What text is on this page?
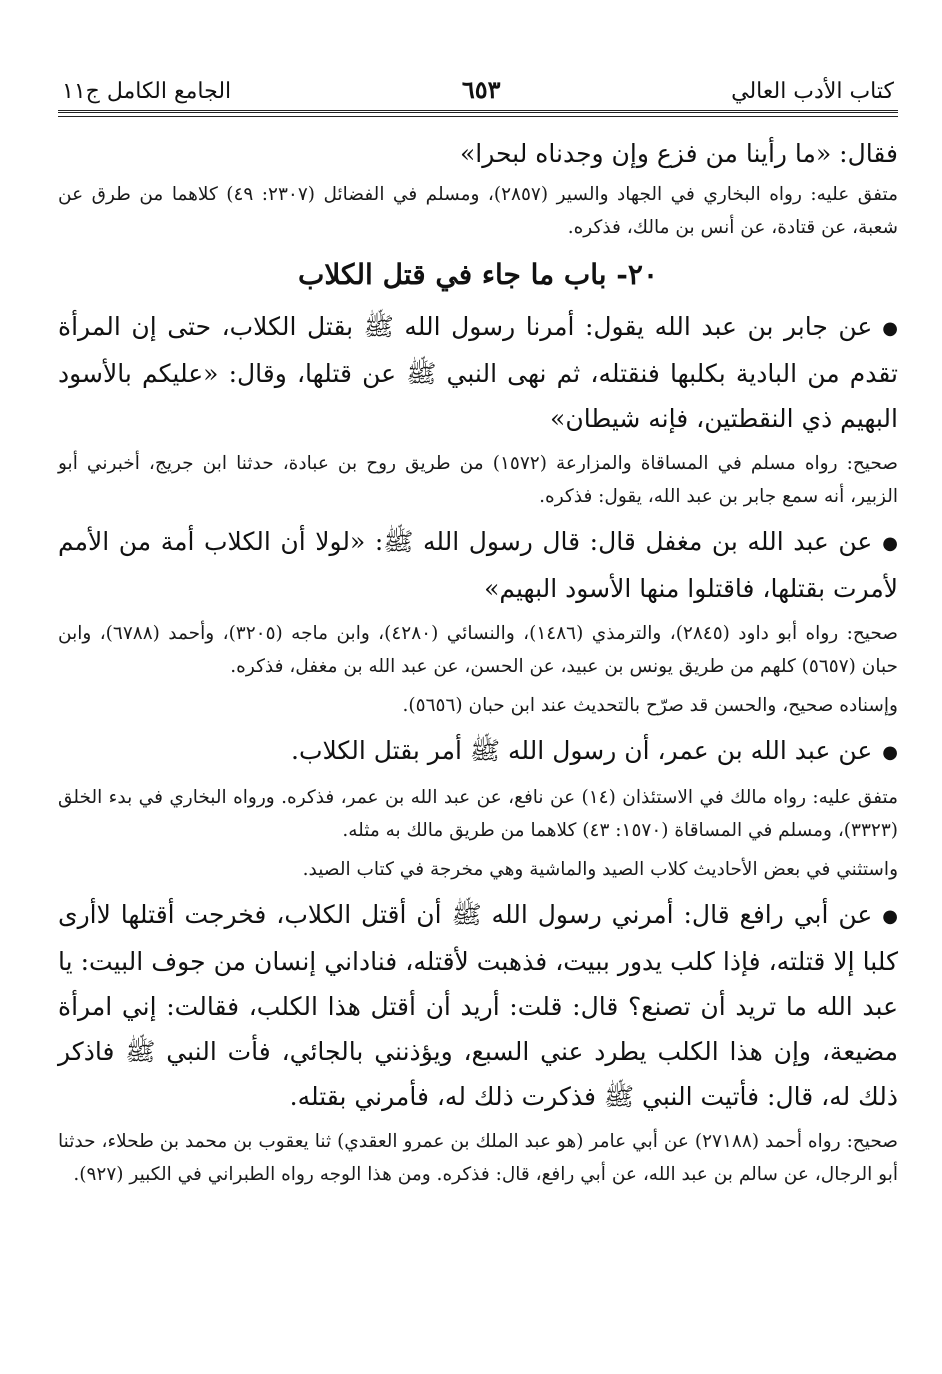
كتاب الأدب العالي
٦٥٣
الجامع الكامل ج١١

فقال: «ما رأينا من فزع وإن وجدناه لبحرا»

متفق عليه: رواه البخاري في الجهاد والسير (٢٨٥٧)، ومسلم في الفضائل (٢٣٠٧: ٤٩) كلاهما من طرق عن شعبة، عن قتادة، عن أنس بن مالك، فذكره.

٢٠- باب ما جاء في قتل الكلاب

●عن جابر بن عبد الله يقول: أمرنا رسول الله ﷺ بقتل الكلاب، حتى إن المرأة تقدم من البادية بكلبها فنقتله، ثم نهى النبي ﷺ عن قتلها، وقال: «عليكم بالأسود البهيم ذي النقطتين، فإنه شيطان»

صحيح: رواه مسلم في المساقاة والمزارعة (١٥٧٢) من طريق روح بن عبادة، حدثنا ابن جريج، أخبرني أبو الزبير، أنه سمع جابر بن عبد الله، يقول: فذكره.

●عن عبد الله بن مغفل قال: قال رسول الله ﷺ: «لولا أن الكلاب أمة من الأمم لأمرت بقتلها، فاقتلوا منها الأسود البهيم»

صحيح: رواه أبو داود (٢٨٤٥)، والترمذي (١٤٨٦)، والنسائي (٤٢٨٠)، وابن ماجه (٣٢٠٥)، وأحمد (٦٧٨٨)، وابن حبان (٥٦٥٧) كلهم من طريق يونس بن عبيد، عن الحسن، عن عبد الله بن مغفل، فذكره.

وإسناده صحيح، والحسن قد صرّح بالتحديث عند ابن حبان (٥٦٥٦).

●عن عبد الله بن عمر، أن رسول الله ﷺ أمر بقتل الكلاب.

متفق عليه: رواه مالك في الاستئذان (١٤) عن نافع، عن عبد الله بن عمر، فذكره. ورواه البخاري في بدء الخلق (٣٣٢٣)، ومسلم في المساقاة (١٥٧٠: ٤٣) كلاهما من طريق مالك به مثله.

واستثني في بعض الأحاديث كلاب الصيد والماشية وهي مخرجة في كتاب الصيد.

●عن أبي رافع قال: أمرني رسول الله ﷺ أن أقتل الكلاب، فخرجت أقتلها لاأرى كلبا إلا قتلته، فإذا كلب يدور ببيت، فذهبت لأقتله، فناداني إنسان من جوف البيت: يا عبد الله ما تريد أن تصنع؟ قال: قلت: أريد أن أقتل هذا الكلب، فقالت: إني امرأة مضيعة، وإن هذا الكلب يطرد عني السبع، ويؤذنني بالجائي، فأت النبي ﷺ فاذكر ذلك له، قال: فأتيت النبي ﷺ فذكرت ذلك له، فأمرني بقتله.

صحيح: رواه أحمد (٢٧١٨٨) عن أبي عامر (هو عبد الملك بن عمرو العقدي) ثنا يعقوب بن محمد بن طحلاء، حدثنا أبو الرجال، عن سالم بن عبد الله، عن أبي رافع، قال: فذكره. ومن هذا الوجه رواه الطبراني في الكبير (٩٢٧).
